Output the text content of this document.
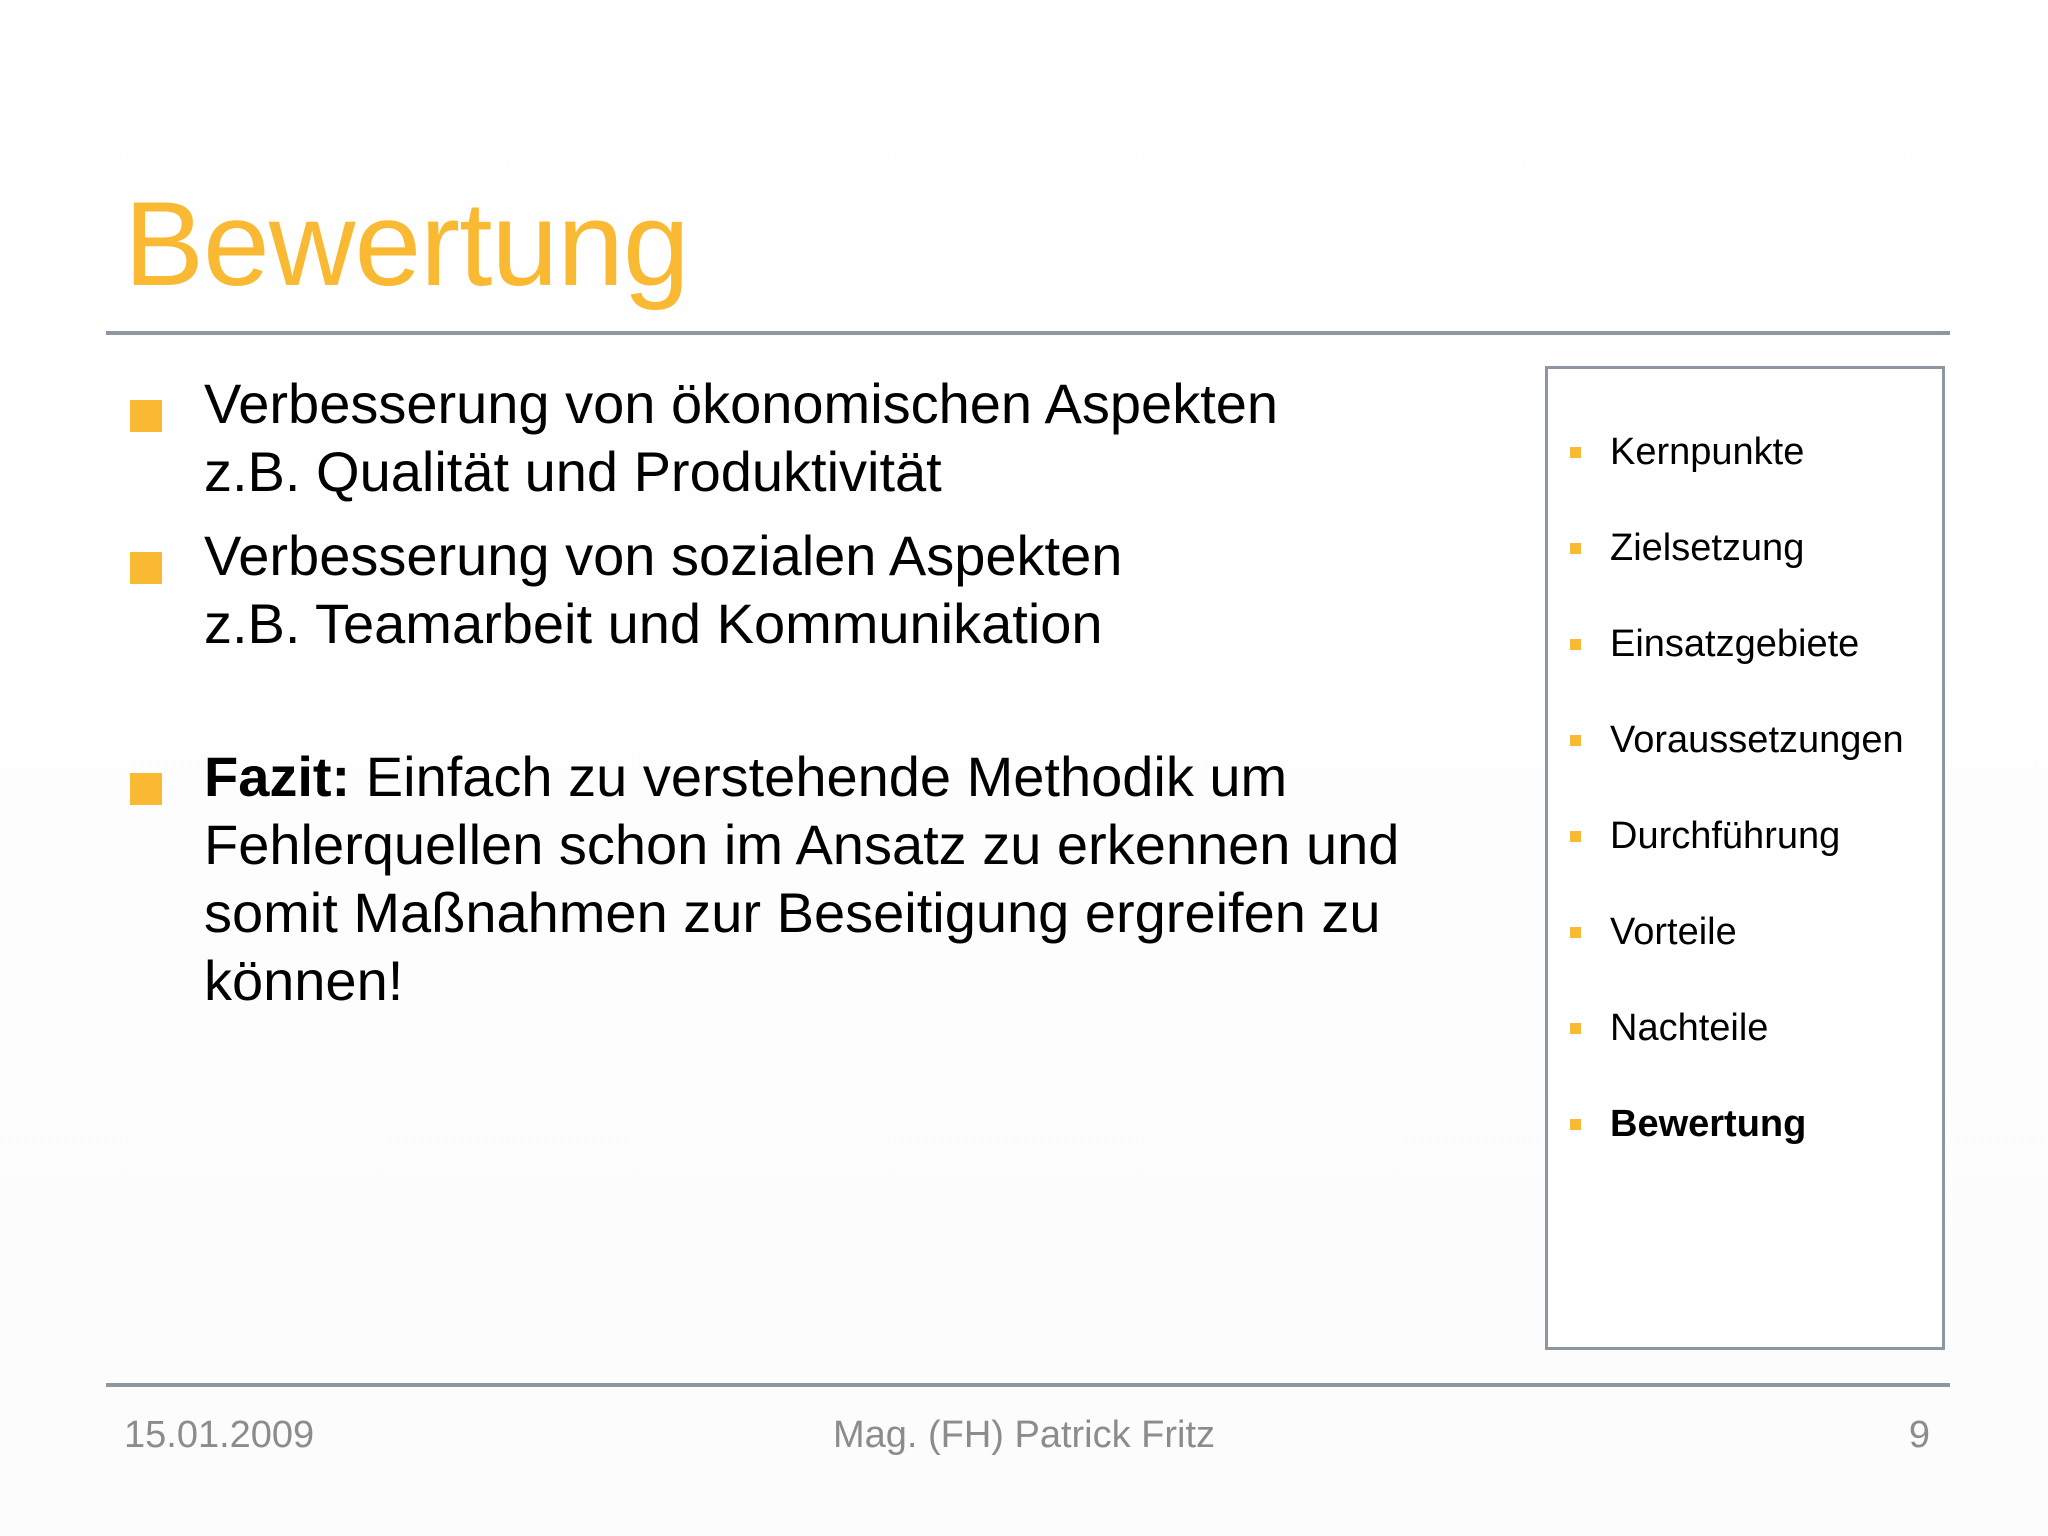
Bewertung
Verbesserung von ökonomischen Aspekten
z.B. Qualität und Produktivität
Verbesserung von sozialen Aspekten
z.B. Teamarbeit und Kommunikation
Fazit: Einfach zu verstehende Methodik um
Fehlerquellen schon im Ansatz zu erkennen und
somit Maßnahmen zur Beseitigung ergreifen zu
können!
Kernpunkte
Zielsetzung
Einsatzgebiete
Voraussetzungen
Durchführung
Vorteile
Nachteile
Bewertung
15.01.2009	Mag. (FH) Patrick Fritz	9
